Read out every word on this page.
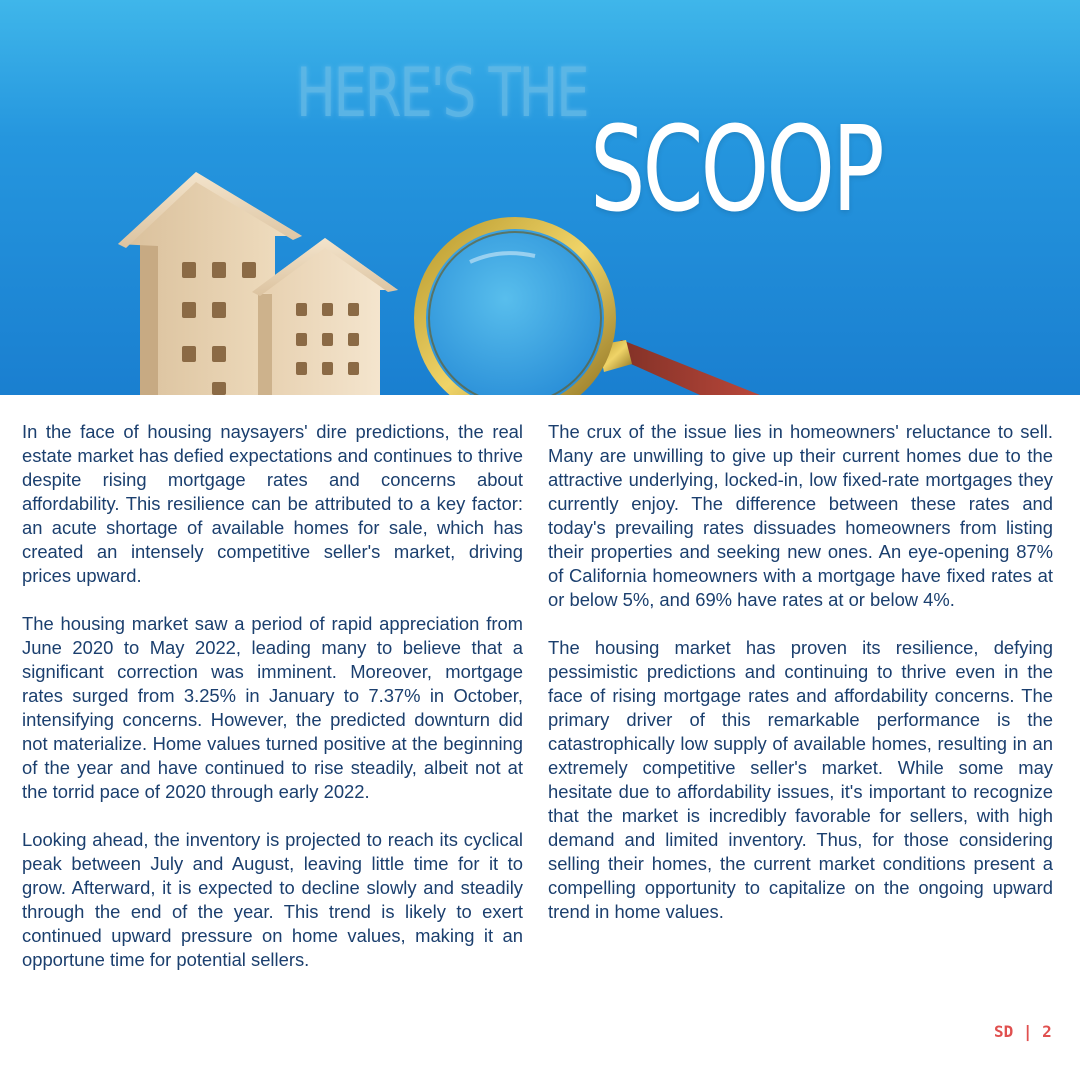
HERE'S THE
SCOOP

In the face of housing naysayers' dire predictions, the real estate market has defied expectations and continues to thrive despite rising mortgage rates and concerns about affordability. This resilience can be attributed to a key factor: an acute shortage of available homes for sale, which has created an intensely competitive seller's market, driving prices upward.

The housing market saw a period of rapid appreciation from June 2020 to May 2022, leading many to believe that a significant correction was imminent. Moreover, mortgage rates surged from 3.25% in January to 7.37% in October, intensifying concerns. However, the predicted downturn did not materialize. Home values turned positive at the beginning of the year and have continued to rise steadily, albeit not at the torrid pace of 2020 through early 2022.

Looking ahead, the inventory is projected to reach its cyclical peak between July and August, leaving little time for it to grow. Afterward, it is expected to decline slowly and steadily through the end of the year. This trend is likely to exert continued upward pressure on home values, making it an opportune time for potential sellers.

The crux of the issue lies in homeowners' reluctance to sell. Many are unwilling to give up their current homes due to the attractive underlying, locked-in, low fixed-rate mortgages they currently enjoy. The difference between these rates and today's prevailing rates dissuades homeowners from listing their properties and seeking new ones. An eye-opening 87% of California homeowners with a mortgage have fixed rates at or below 5%, and 69% have rates at or below 4%.

The housing market has proven its resilience, defying pessimistic predictions and continuing to thrive even in the face of rising mortgage rates and affordability concerns. The primary driver of this remarkable performance is the catastrophically low supply of available homes, resulting in an extremely competitive seller's market. While some may hesitate due to affordability issues, it's important to recognize that the market is incredibly favorable for sellers, with high demand and limited inventory. Thus, for those considering selling their homes, the current market conditions present a compelling opportunity to capitalize on the ongoing upward trend in home values.

SD | 2
